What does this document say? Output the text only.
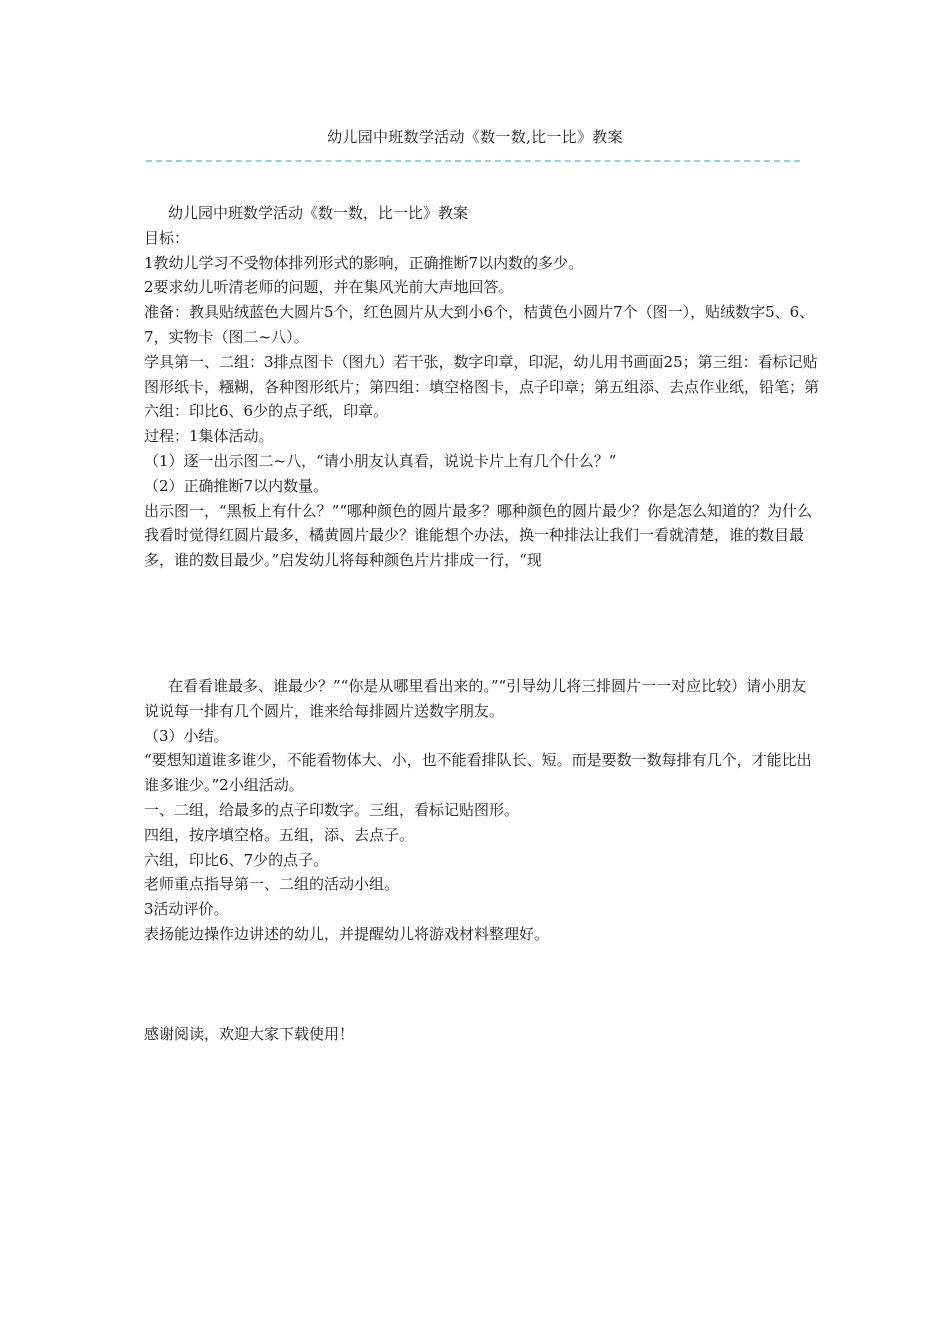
幼儿园中班数学活动《数一数,比一比》教案

幼儿园中班数学活动《数一数，比一比》教案

目标：

1教幼儿学习不受物体排列形式的影响，正确推断7以内数的多少。

2要求幼儿听清老师的问题，并在集风光前大声地回答。

准备：教具贴绒蓝色大圆片5个，红色圆片从大到小6个，桔黄色小圆片7个（图一），贴绒数字5、6、7，实物卡（图二~八）。

学具第一、二组：3排点图卡（图九）若干张，数字印章，印泥，幼儿用书画面25；第三组：看标记贴图形纸卡，糨糊，各种图形纸片；第四组：填空格图卡，点子印章；第五组添、去点作业纸，铅笔；第六组：印比6、6少的点子纸，印章。

过程：1集体活动。

（1）逐一出示图二~八，“请小朋友认真看，说说卡片上有几个什么？”

（2）正确推断7以内数量。

出示图一，“黑板上有什么？”“哪种颜色的圆片最多？哪种颜色的圆片最少？你是怎么知道的？为什么我看时觉得红圆片最多，橘黄圆片最少？谁能想个办法，换一种排法让我们一看就清楚，谁的数目最多，谁的数目最少。”启发幼儿将每种颜色片片排成一行，“现

在看看谁最多、谁最少？”“你是从哪里看出来的。”“引导幼儿将三排圆片一一对应比较）请小朋友说说每一排有几个圆片，谁来给每排圆片送数字朋友。

（3）小结。

“要想知道谁多谁少，不能看物体大、小，也不能看排队长、短。而是要数一数每排有几个，才能比出谁多谁少。”2小组活动。

一、二组，给最多的点子印数字。三组，看标记贴图形。

四组，按序填空格。五组，添、去点子。

六组，印比6、7少的点子。

老师重点指导第一、二组的活动小组。

3活动评价。

表扬能边操作边讲述的幼儿，并提醒幼儿将游戏材料整理好。

感谢阅读，欢迎大家下载使用！
